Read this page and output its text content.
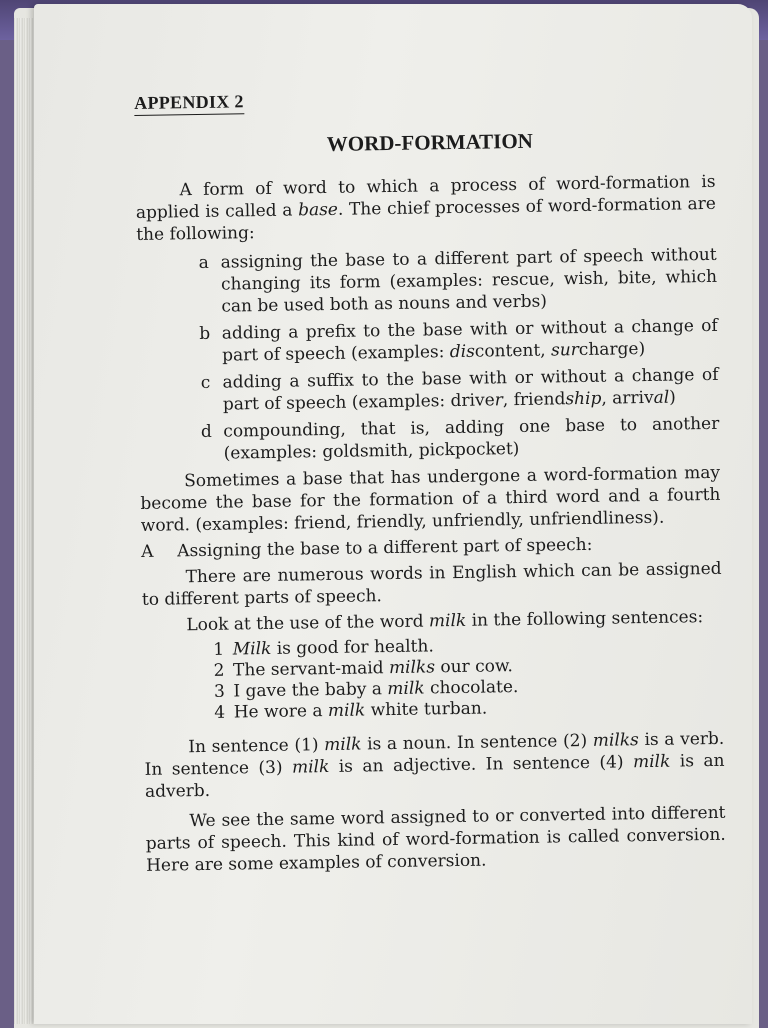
APPENDIX 2
WORD-FORMATION

A form of word to which a process of word-formation is applied is called a base. The chief processes of word-formation are the following:

a assigning the base to a different part of speech without changing its form (examples: rescue, wish, bite, which can be used both as nouns and verbs)
b adding a prefix to the base with or without a change of part of speech (examples: discontent, surcharge)
c adding a suffix to the base with or without a change of part of speech (examples: driver, friendship, arrival)
d compounding, that is, adding one base to another (examples: goldsmith, pickpocket)

Sometimes a base that has undergone a word-formation may become the base for the formation of a third word and a fourth word. (examples: friend, friendly, unfriendly, unfriendliness).

A	Assigning the base to a different part of speech:

There are numerous words in English which can be assigned to different parts of speech.

Look at the use of the word milk in the following sentences:

1 Milk is good for health.
2 The servant-maid milks our cow.
3 I gave the baby a milk chocolate.
4 He wore a milk white turban.

In sentence (1) milk is a noun. In sentence (2) milks is a verb. In sentence (3) milk is an adjective. In sentence (4) milk is an adverb.

We see the same word assigned to or converted into different parts of speech. This kind of word-formation is called conversion. Here are some examples of conversion.
